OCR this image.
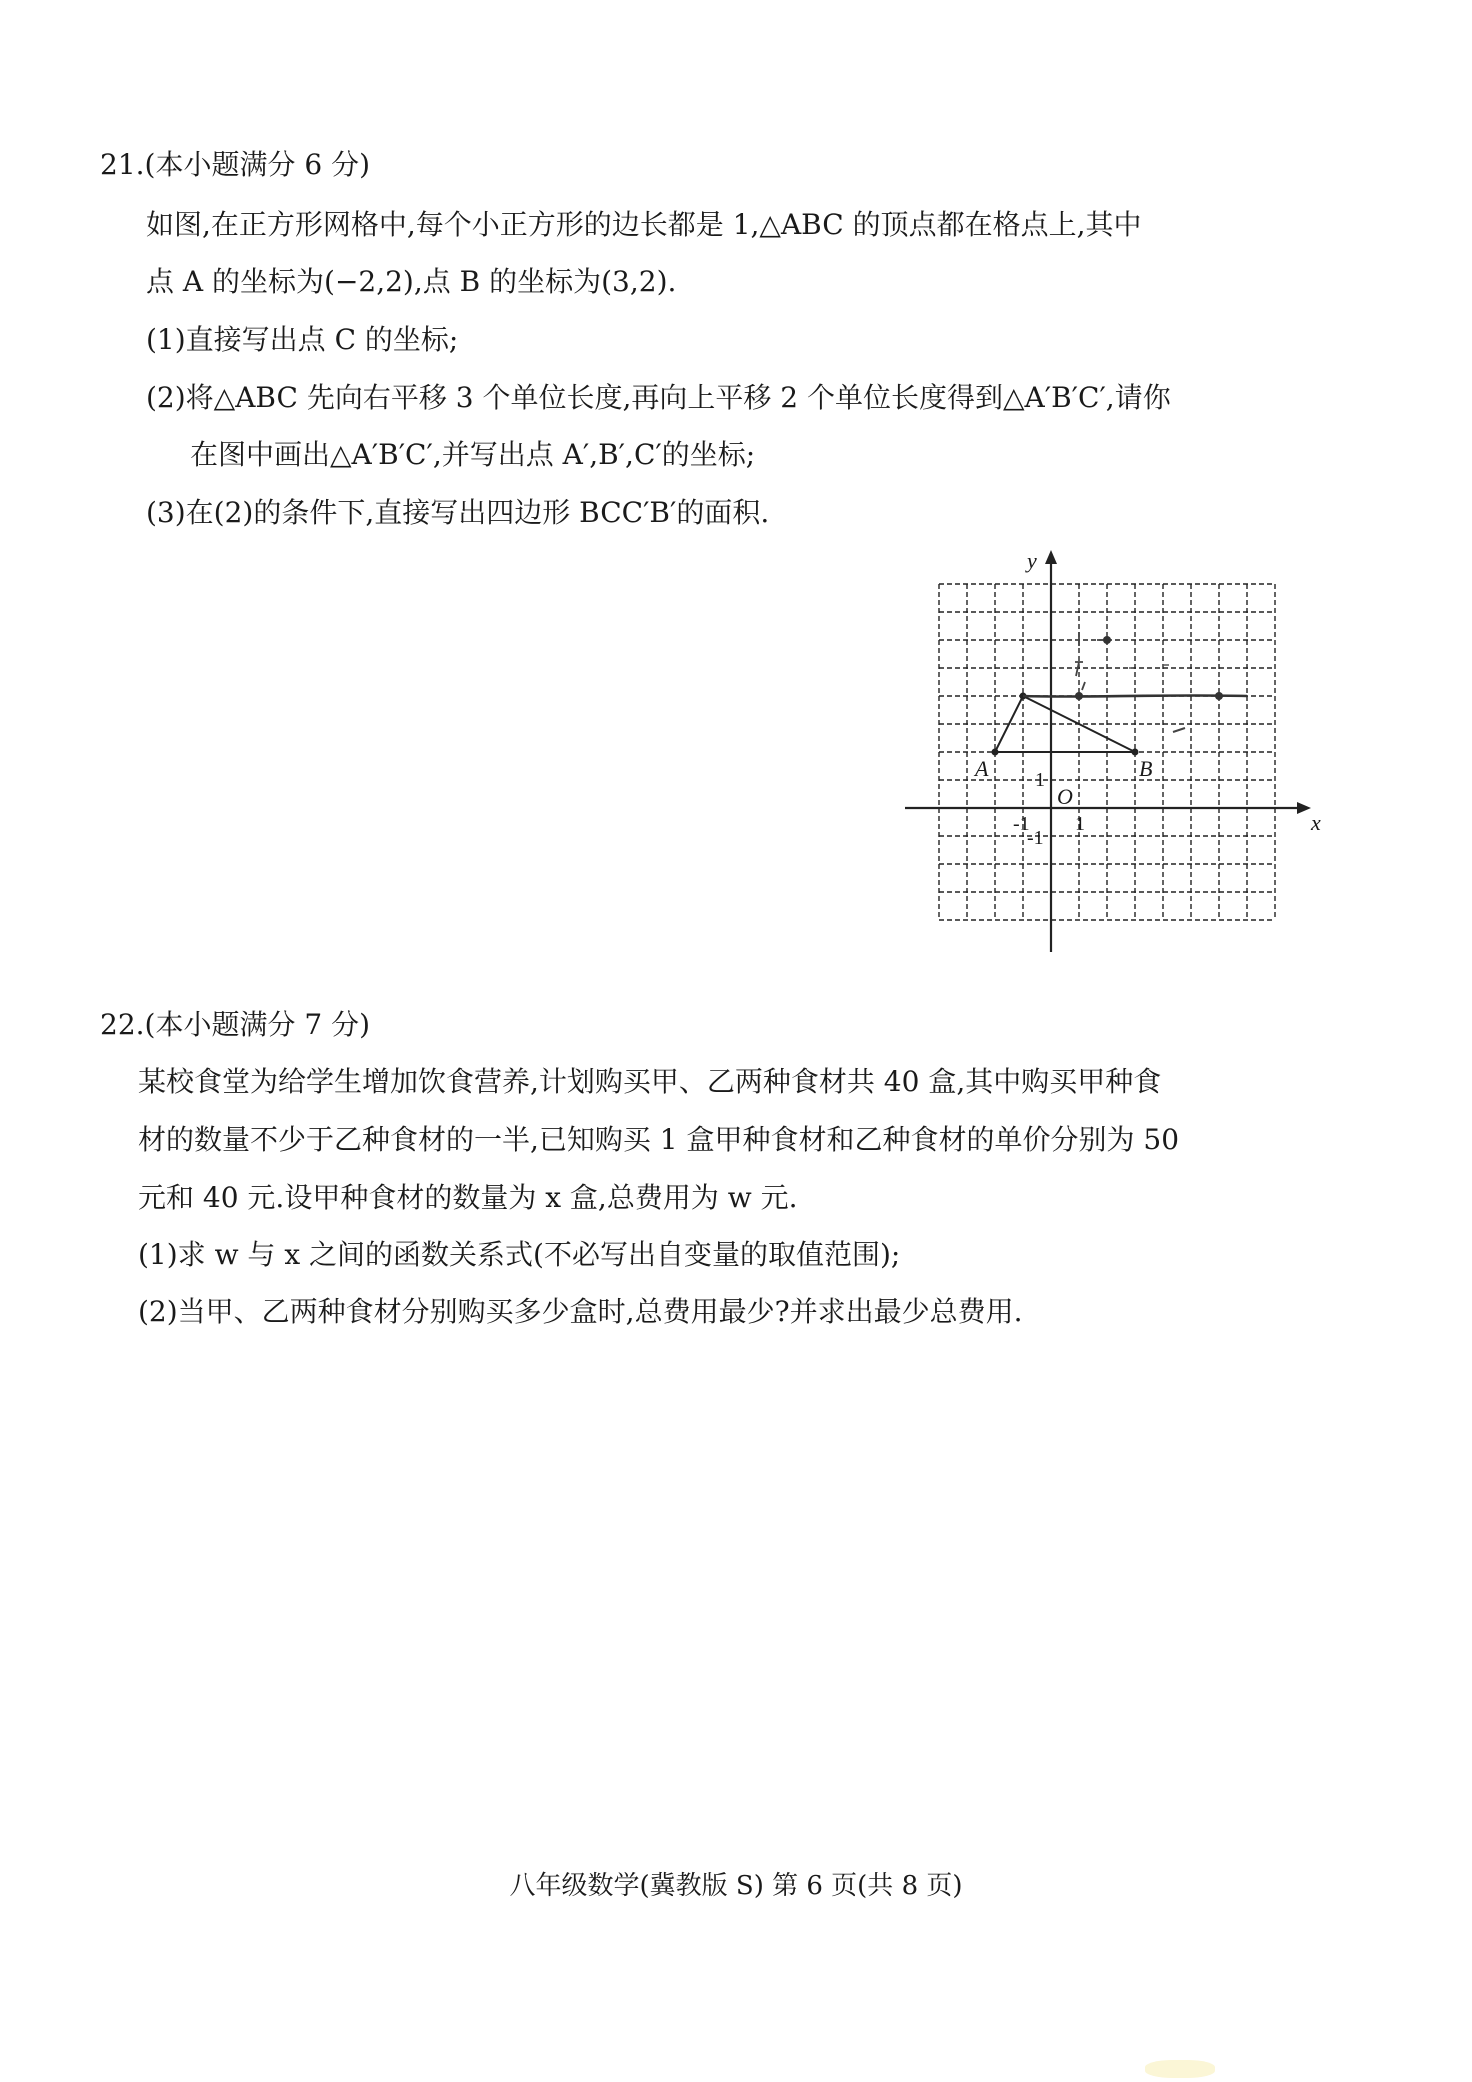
21.(本小题满分 6 分)
如图,在正方形网格中,每个小正方形的边长都是 1,△ABC 的顶点都在格点上,其中
点 A 的坐标为(−2,2),点 B 的坐标为(3,2).
(1)直接写出点 C 的坐标;
(2)将△ABC 先向右平移 3 个单位长度,再向上平移 2 个单位长度得到△A′B′C′,请你
在图中画出△A′B′C′,并写出点 A′,B′,C′的坐标;
(3)在(2)的条件下,直接写出四边形 BCC′B′的面积.
y
x
O
1
-1
1
-1
A	B
22.(本小题满分 7 分)
某校食堂为给学生增加饮食营养,计划购买甲、乙两种食材共 40 盒,其中购买甲种食
材的数量不少于乙种食材的一半,已知购买 1 盒甲种食材和乙种食材的单价分别为 50
元和 40 元.设甲种食材的数量为 x 盒,总费用为 w 元.
(1)求 w 与 x 之间的函数关系式(不必写出自变量的取值范围);
(2)当甲、乙两种食材分别购买多少盒时,总费用最少?并求出最少总费用.
八年级数学(冀教版 S) 第 6 页(共 8 页)
